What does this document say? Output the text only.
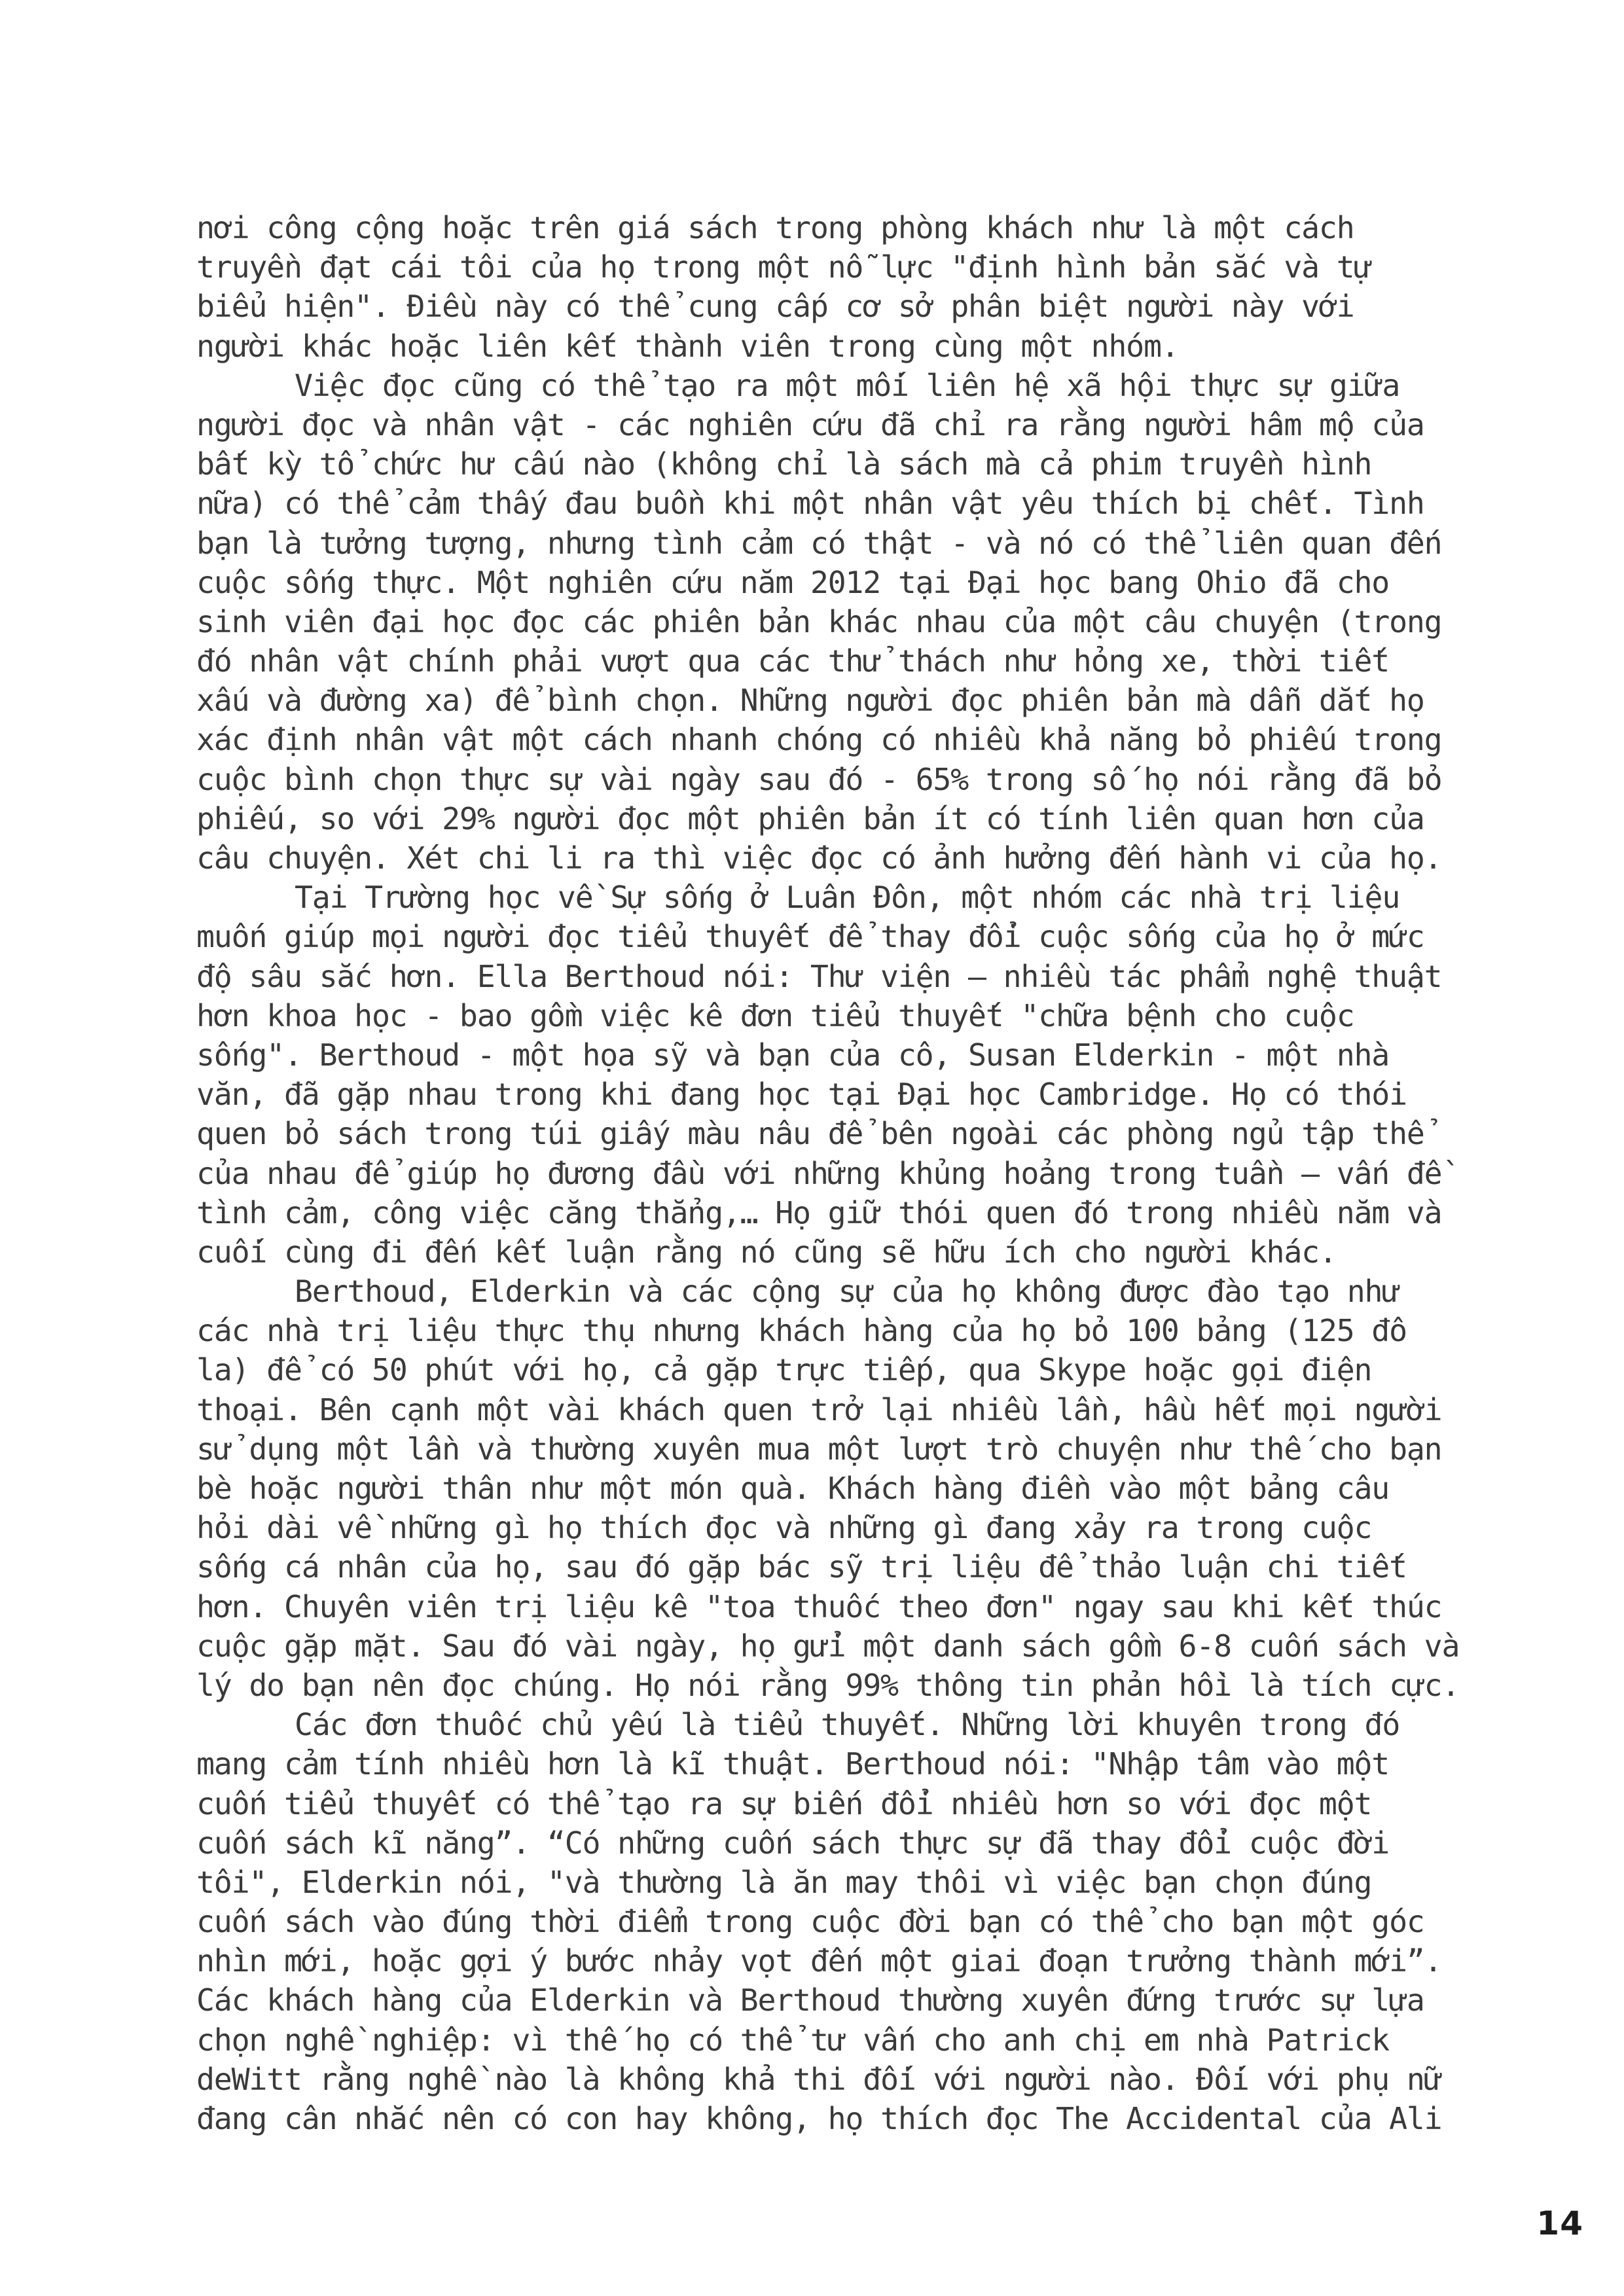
nơi công cộng hoặc trên giá sách trong phòng khách như là một cách
truyền đạt cái tôi của họ trong một nỗ lực "định hình bản sắc và tự
biểu hiện". Điều này có thể cung cấp cơ sở phân biệt người này với
người khác hoặc liên kết thành viên trong cùng một nhóm.
Việc đọc cũng có thể tạo ra một mối liên hệ xã hội thực sự giữa
người đọc và nhân vật - các nghiên cứu đã chỉ ra rằng người hâm mộ của
bất kỳ tổ chức hư cấu nào (không chỉ là sách mà cả phim truyền hình
nữa) có thể cảm thấy đau buồn khi một nhân vật yêu thích bị chết. Tình
bạn là tưởng tượng, nhưng tình cảm có thật - và nó có thể liên quan đến
cuộc sống thực. Một nghiên cứu năm 2012 tại Đại học bang Ohio đã cho
sinh viên đại học đọc các phiên bản khác nhau của một câu chuyện (trong
đó nhân vật chính phải vượt qua các thử thách như hỏng xe, thời tiết
xấu và đường xa) để bình chọn. Những người đọc phiên bản mà dẫn dắt họ
xác định nhân vật một cách nhanh chóng có nhiều khả năng bỏ phiếu trong
cuộc bình chọn thực sự vài ngày sau đó - 65% trong số họ nói rằng đã bỏ
phiếu, so với 29% người đọc một phiên bản ít có tính liên quan hơn của
câu chuyện. Xét chi li ra thì việc đọc có ảnh hưởng đến hành vi của họ.
Tại Trường học về Sự sống ở Luân Đôn, một nhóm các nhà trị liệu
muốn giúp mọi người đọc tiểu thuyết để thay đổi cuộc sống của họ ở mức
độ sâu sắc hơn. Ella Berthoud nói: Thư viện – nhiều tác phẩm nghệ thuật
hơn khoa học - bao gồm việc kê đơn tiểu thuyết "chữa bệnh cho cuộc
sống". Berthoud - một họa sỹ và bạn của cô, Susan Elderkin - một nhà
văn, đã gặp nhau trong khi đang học tại Đại học Cambridge. Họ có thói
quen bỏ sách trong túi giấy màu nâu để bên ngoài các phòng ngủ tập thể
của nhau để giúp họ đương đầu với những khủng hoảng trong tuần – vấn đề
tình cảm, công việc căng thẳng,… Họ giữ thói quen đó trong nhiều năm và
cuối cùng đi đến kết luận rằng nó cũng sẽ hữu ích cho người khác.
Berthoud, Elderkin và các cộng sự của họ không được đào tạo như
các nhà trị liệu thực thụ nhưng khách hàng của họ bỏ 100 bảng (125 đô
la) để có 50 phút với họ, cả gặp trực tiếp, qua Skype hoặc gọi điện
thoại. Bên cạnh một vài khách quen trở lại nhiều lần, hầu hết mọi người
sử dụng một lần và thường xuyên mua một lượt trò chuyện như thế cho bạn
bè hoặc người thân như một món quà. Khách hàng điền vào một bảng câu
hỏi dài về những gì họ thích đọc và những gì đang xảy ra trong cuộc
sống cá nhân của họ, sau đó gặp bác sỹ trị liệu để thảo luận chi tiết
hơn. Chuyên viên trị liệu kê "toa thuốc theo đơn" ngay sau khi kết thúc
cuộc gặp mặt. Sau đó vài ngày, họ gửi một danh sách gồm 6-8 cuốn sách và
lý do bạn nên đọc chúng. Họ nói rằng 99% thông tin phản hồi là tích cực.
Các đơn thuốc chủ yếu là tiểu thuyết. Những lời khuyên trong đó
mang cảm tính nhiều hơn là kĩ thuật. Berthoud nói: "Nhập tâm vào một
cuốn tiểu thuyết có thể tạo ra sự biến đổi nhiều hơn so với đọc một
cuốn sách kĩ năng”. “Có những cuốn sách thực sự đã thay đổi cuộc đời
tôi", Elderkin nói, "và thường là ăn may thôi vì việc bạn chọn đúng
cuốn sách vào đúng thời điểm trong cuộc đời bạn có thể cho bạn một góc
nhìn mới, hoặc gợi ý bước nhảy vọt đến một giai đoạn trưởng thành mới”.
Các khách hàng của Elderkin và Berthoud thường xuyên đứng trước sự lựa
chọn nghề nghiệp: vì thế họ có thể tư vấn cho anh chị em nhà Patrick
deWitt rằng nghề nào là không khả thi đối với người nào. Đối với phụ nữ
đang cân nhắc nên có con hay không, họ thích đọc The Accidental của Ali
14
